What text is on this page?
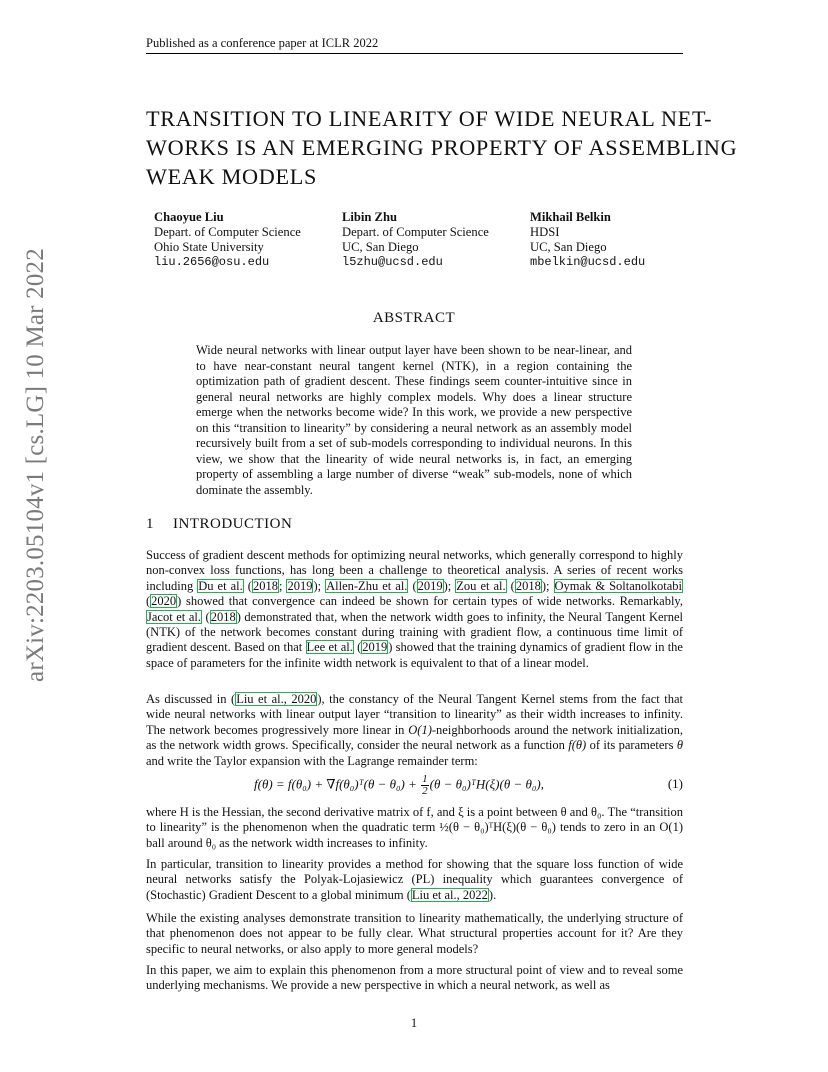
Published as a conference paper at ICLR 2022
arXiv:2203.05104v1 [cs.LG] 10 Mar 2022
TRANSITION TO LINEARITY OF WIDE NEURAL NET-
WORKS IS AN EMERGING PROPERTY OF ASSEMBLING
WEAK MODELS
Chaoyue Liu
Depart. of Computer Science
Ohio State University
liu.2656@osu.edu
Libin Zhu
Depart. of Computer Science
UC, San Diego
l5zhu@ucsd.edu
Mikhail Belkin
HDSI
UC, San Diego
mbelkin@ucsd.edu
ABSTRACT
Wide neural networks with linear output layer have been shown to be near-linear, and to have near-constant neural tangent kernel (NTK), in a region containing the optimization path of gradient descent. These findings seem counter-intuitive since in general neural networks are highly complex models. Why does a linear structure emerge when the networks become wide? In this work, we provide a new perspective on this “transition to linearity” by considering a neural network as an assembly model recursively built from a set of sub-models corresponding to individual neurons. In this view, we show that the linearity of wide neural networks is, in fact, an emerging property of assembling a large number of diverse “weak” sub-models, none of which dominate the assembly.
1 INTRODUCTION
Success of gradient descent methods for optimizing neural networks, which generally correspond to highly non-convex loss functions, has long been a challenge to theoretical analysis. A series of recent works including Du et al. (2018; 2019); Allen-Zhu et al. (2019); Zou et al. (2018); Oymak & Soltanolkotabi (2020) showed that convergence can indeed be shown for certain types of wide networks. Remarkably, Jacot et al. (2018) demonstrated that, when the network width goes to infinity, the Neural Tangent Kernel (NTK) of the network becomes constant during training with gradient flow, a continuous time limit of gradient descent. Based on that Lee et al. (2019) showed that the training dynamics of gradient flow in the space of parameters for the infinite width network is equivalent to that of a linear model.
As discussed in (Liu et al., 2020), the constancy of the Neural Tangent Kernel stems from the fact that wide neural networks with linear output layer “transition to linearity” as their width increases to infinity. The network becomes progressively more linear in O(1)-neighborhoods around the network initialization, as the network width grows. Specifically, consider the neural network as a function f(θ) of its parameters θ and write the Taylor expansion with the Lagrange remainder term:
f(θ) = f(θ₀) + ∇f(θ₀)ᵀ(θ − $\theta_0) + \frac{1}{2} (\theta$ − θ₀)ᵀH(ξ)(θ − θ₀),	(1)
where H is the Hessian, the second derivative matrix of f, and ξ is a point between θ and θ₀. The “transition to linearity” is the phenomenon when the quadratic term ½(θ − θ₀)ᵀH(ξ)(θ − θ₀) tends to zero in an O(1) ball around θ₀ as the network width increases to infinity.
In particular, transition to linearity provides a method for showing that the square loss function of wide neural networks satisfy the Polyak-Lojasiewicz (PL) inequality which guarantees convergence of (Stochastic) Gradient Descent to a global minimum (Liu et al., 2022).
While the existing analyses demonstrate transition to linearity mathematically, the underlying structure of that phenomenon does not appear to be fully clear. What structural properties account for it? Are they specific to neural networks, or also apply to more general models?
In this paper, we aim to explain this phenomenon from a more structural point of view and to reveal some underlying mechanisms. We provide a new perspective in which a neural network, as well as
1
